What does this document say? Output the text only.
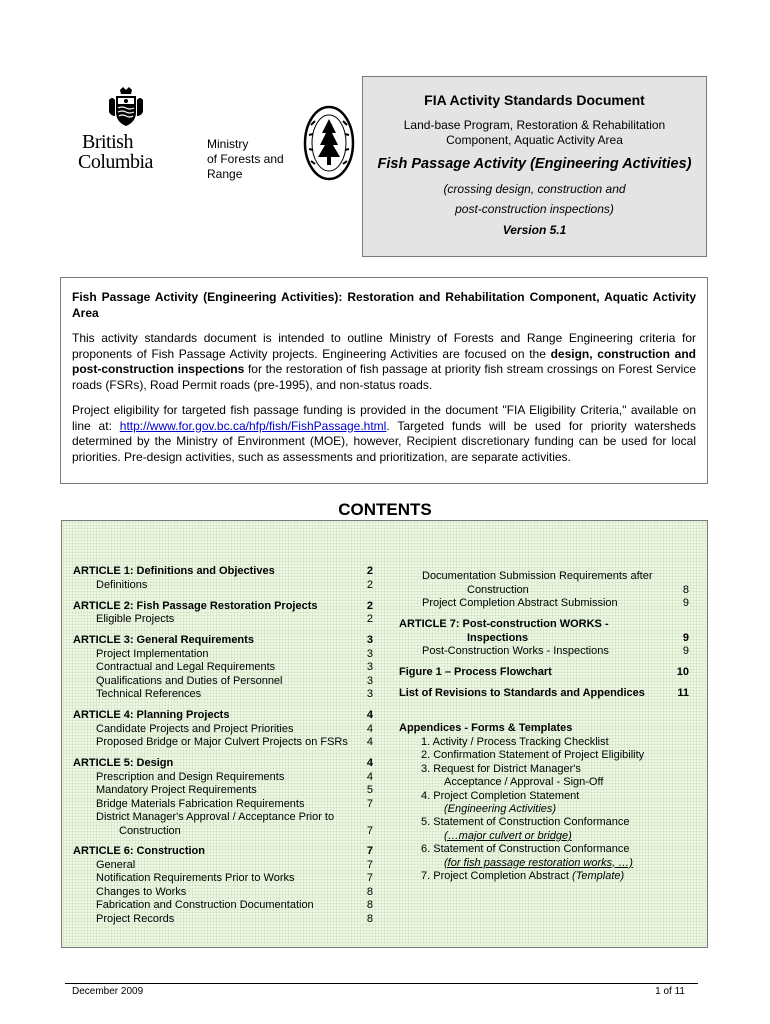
British
Columbia
Ministry
of Forests and
Range
FIA Activity Standards Document
Land-base Program, Restoration & Rehabilitation
Component, Aquatic Activity Area
Fish Passage Activity (Engineering Activities)
(crossing design, construction and
post-construction inspections)
Version 5.1

Fish Passage Activity (Engineering Activities): Restoration and Rehabilitation Component, Aquatic Activity Area

This activity standards document is intended to outline Ministry of Forests and Range Engineering criteria for proponents of Fish Passage Activity projects. Engineering Activities are focused on the design, construction and post-construction inspections for the restoration of fish passage at priority fish stream crossings on Forest Service roads (FSRs), Road Permit roads (pre-1995), and non-status roads.

Project eligibility for targeted fish passage funding is provided in the document "FIA Eligibility Criteria," available on line at: http://www.for.gov.bc.ca/hfp/fish/FishPassage.html. Targeted funds will be used for priority watersheds determined by the Ministry of Environment (MOE), however, Recipient discretionary funding can be used for local priorities. Pre-design activities, such as assessments and prioritization, are separate activities.

CONTENTS
ARTICLE 1: Definitions and Objectives	2
Definitions	2
ARTICLE 2: Fish Passage Restoration Projects	2
Eligible Projects	2
ARTICLE 3: General Requirements	3
Project Implementation	3
Contractual and Legal Requirements	3
Qualifications and Duties of Personnel	3
Technical References	3
ARTICLE 4: Planning Projects	4
Candidate Projects and Project Priorities	4
Proposed Bridge or Major Culvert Projects on FSRs	4
ARTICLE 5: Design	4
Prescription and Design Requirements	4
Mandatory Project Requirements	5
Bridge Materials Fabrication Requirements	7
District Manager's Approval / Acceptance Prior to
Construction	7
ARTICLE 6: Construction	7
General	7
Notification Requirements Prior to Works	7
Changes to Works	8
Fabrication and Construction Documentation	8
Project Records	8
Documentation Submission Requirements after
Construction	8
Project Completion Abstract Submission	9
ARTICLE 7: Post-construction WORKS -
Inspections	9
Post-Construction Works - Inspections	9
Figure 1 – Process Flowchart	10
List of Revisions to Standards and Appendices	11
Appendices - Forms & Templates
1. Activity / Process Tracking Checklist
2. Confirmation Statement of Project Eligibility
3. Request for District Manager's
Acceptance / Approval - Sign-Off
4. Project Completion Statement
(Engineering Activities)
5. Statement of Construction Conformance
(…major culvert or bridge)
6. Statement of Construction Conformance
(for fish passage restoration works, …)
7. Project Completion Abstract (Template)
December 2009	1 of 11
